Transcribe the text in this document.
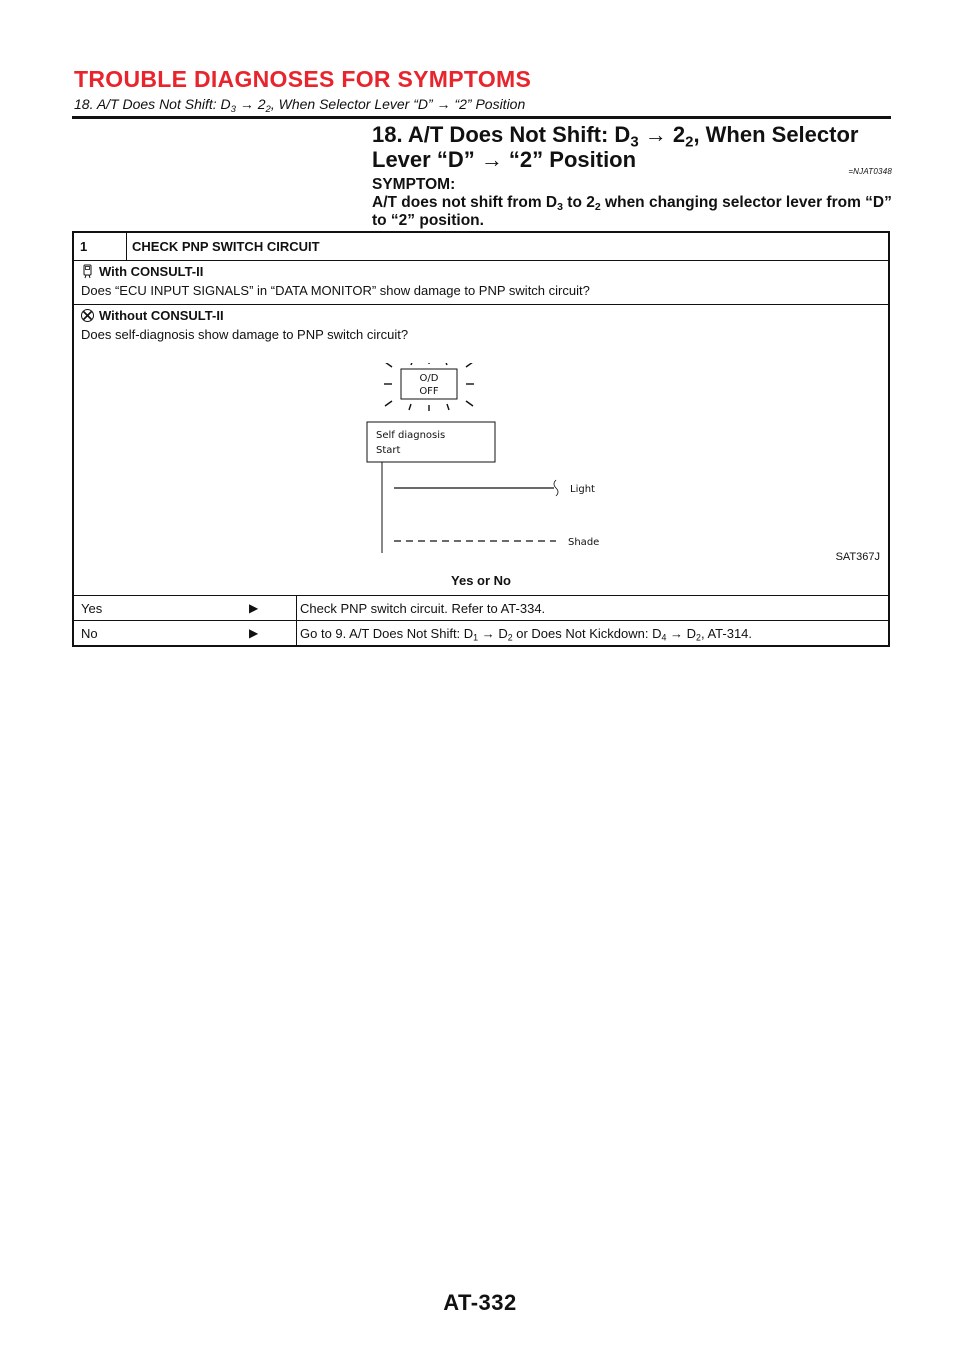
TROUBLE DIAGNOSES FOR SYMPTOMS
18. A/T Does Not Shift: $D_3 \to 2_2$, When Selector Lever “D” → “2” Position
18. A/T Does Not Shift: $D_3 \to 2_2$, When Selector
Lever “D” → “2” Position	=NJAT0348
SYMPTOM:
A/T does not shift from $D_3$ to $2_2$ when changing selector lever from “D” to “2” position.
1	CHECK PNP SWITCH CIRCUIT
With CONSULT-II
Does “ECU INPUT SIGNALS” in “DATA MONITOR” show damage to PNP switch circuit?
Without CONSULT-II
Does self-diagnosis show damage to PNP switch circuit?
O/D
OFF
Self diagnosis
Start
Light
Shade
SAT367J
Yes or No
Yes	▶	Check PNP switch circuit. Refer to AT-334.
No	▶	Go to 9. A/T Does Not Shift: $D_1 \to D_2$ or Does Not Kickdown: $D_4 \to D_2$, AT-314.
AT-332
